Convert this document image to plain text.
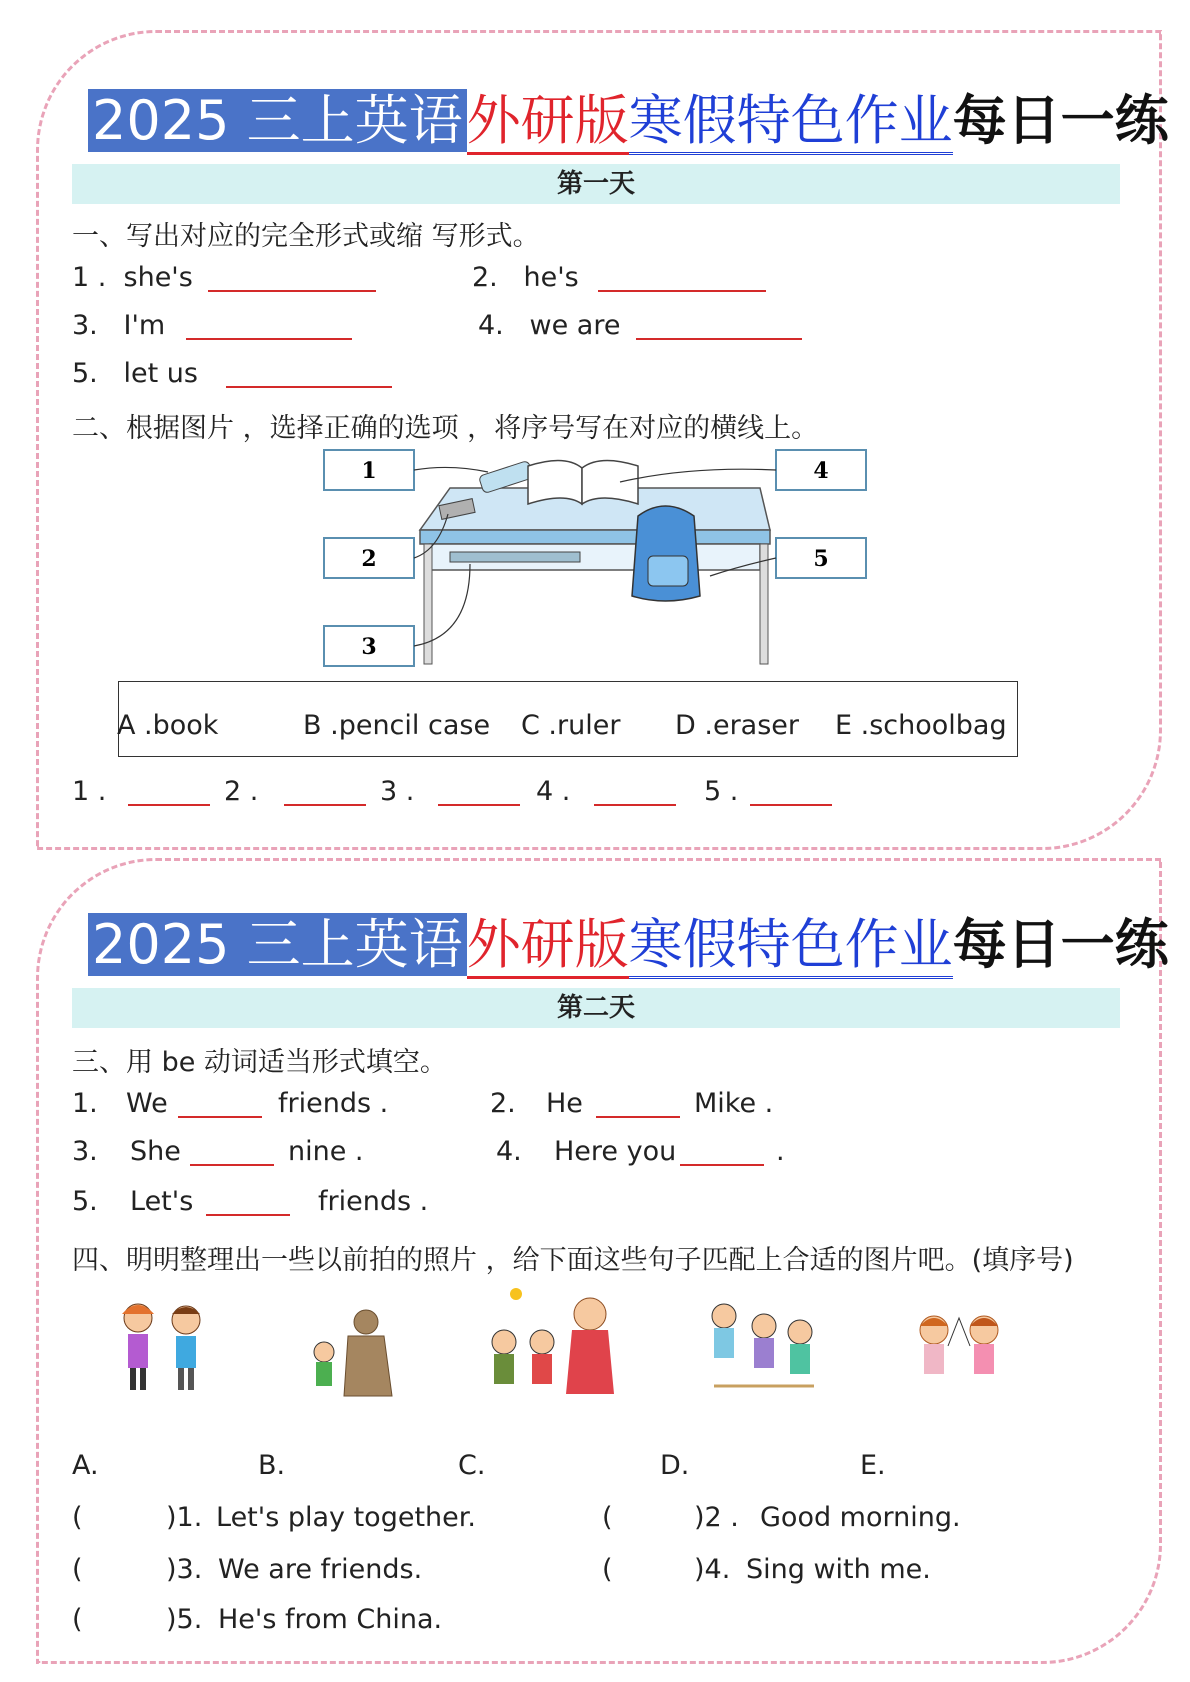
2025 三上英语外研版寒假特色作业每日一练
第一天
一、写出对应的完全形式或缩 写形式。
1 . she's	2. he's
3. I'm	4. we are
5. let us
二、根据图片 ，选择正确的选项 ，将序号写在对应的横线上。
1
2
3
4
5
A .book	B .pencil case C .ruler D .eraser E .schoolbag
1 .	2 .	3 .	4 .	5 .
2025 三上英语外研版寒假特色作业每日一练
第二天
三、用 be 动词适当形式填空。
1. We	friends .	2. He	Mike .
3. She	nine .	4. Here you	.
5. Let's	friends .
四、明明整理出一些以前拍的照片 ，给下面这些句子匹配上合适的图片吧。(填序号)
A.	B.	C.	D.	E.
(	)1. Let's play together.	(	)2 . Good morning.
(	)3. We are friends.	(	)4. Sing with me.
(	)5. He's from China.
